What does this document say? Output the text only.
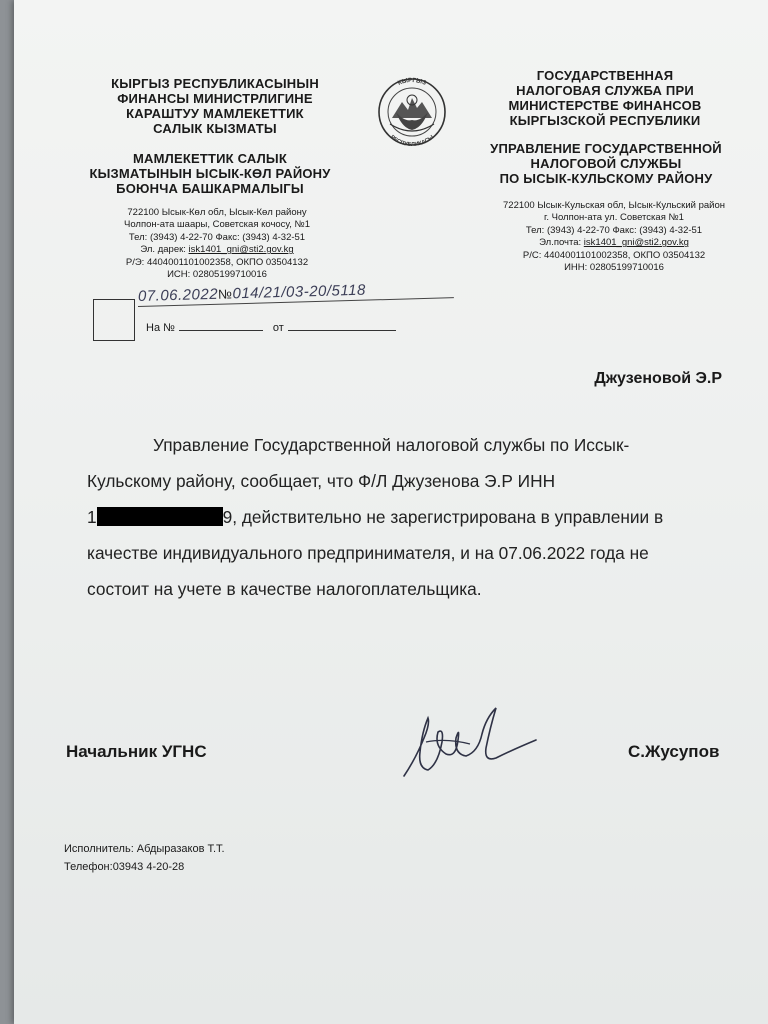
КЫРГЫЗ РЕСПУБЛИКАСЫНЫН
ФИНАНСЫ МИНИСТРЛИГИНЕ
КАРАШТУУ МАМЛЕКЕТТИК
САЛЫК КЫЗМАТЫ
МАМЛЕКЕТТИК САЛЫК
КЫЗМАТЫНЫН ЫСЫК-КӨЛ РАЙОНУ
БОЮНЧА БАШКАРМАЛЫГЫ
722100 Ысык-Көл обл, Ысык-Көл району
Чолпон-ата шаары, Советская кочосу, №1
Тел: (3943) 4-22-70 Факс: (3943) 4-32-51
Эл. дарек: isk1401_gni@sti2.gov.kg
Р/Э: 4404001101002358, ОКПО 03504132
ИСН: 02805199710016
КЫРГЫЗ
РЕСПУБЛИКАСЫ
ГОСУДАРСТВЕННАЯ
НАЛОГОВАЯ СЛУЖБА ПРИ
МИНИСТЕРСТВЕ ФИНАНСОВ
КЫРГЫЗСКОЙ РЕСПУБЛИКИ
УПРАВЛЕНИЕ ГОСУДАРСТВЕННОЙ
НАЛОГОВОЙ СЛУЖБЫ
ПО ЫСЫК-КУЛЬСКОМУ РАЙОНУ
722100 Ысык-Кульская обл, Ысык-Кульский район
г. Чолпон-ата ул. Советская №1
Тел: (3943) 4-22-70 Факс: (3943) 4-32-51
Эл.почта: isk1401_gni@sti2.gov.kg
Р/С: 4404001101002358, ОКПО 03504132
ИНН: 02805199710016
07.06.2022№014/21/03-20/5118
На №	от
Джузеновой Э.Р
Управление Государственной налоговой службы по Иссык-
Кульскому району, сообщает, что Ф/Л Джузенова Э.Р ИНН
1	9, действительно не зарегистрирована в управлении в
качестве индивидуального предпринимателя, и на 07.06.2022 года не
состоит на учете в качестве налогоплательщика.
Начальник УГНС	С.Жусупов
Исполнитель: Абдыразаков Т.Т.
Телефон:03943 4-20-28
